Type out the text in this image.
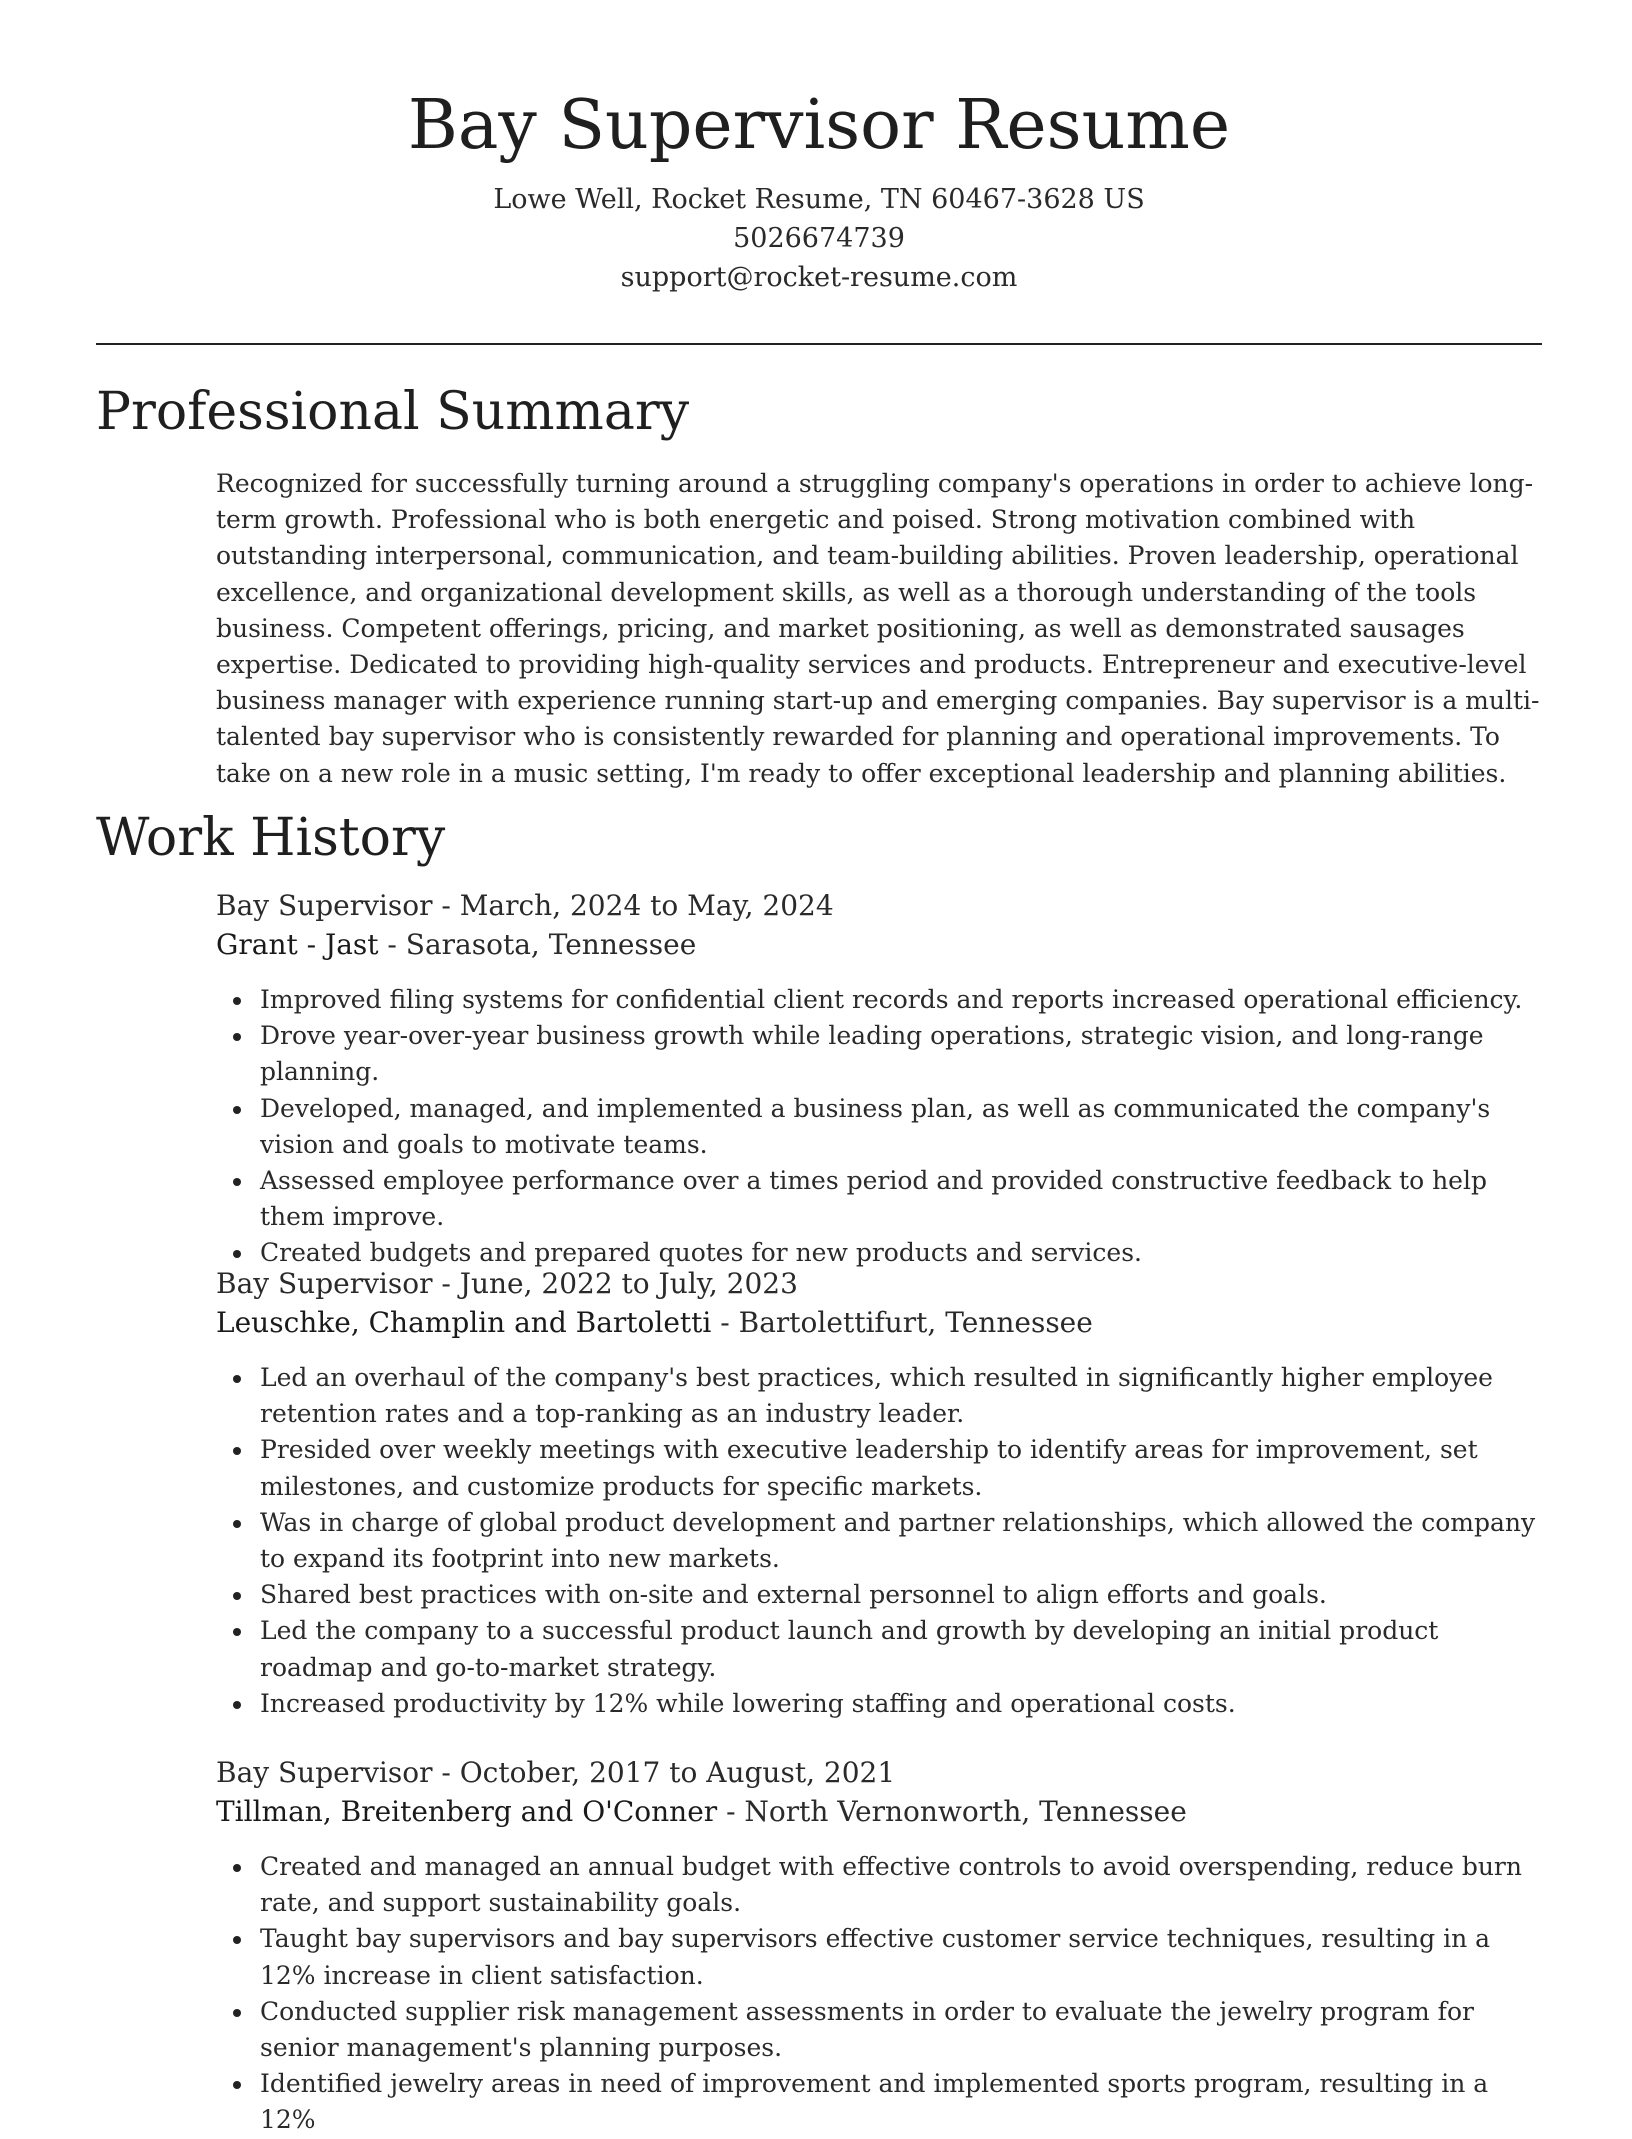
Bay Supervisor Resume
Lowe Well, Rocket Resume, TN 60467-3628 US
5026674739
support@rocket-resume.com
Professional Summary

Recognized for successfully turning around a struggling company's operations in order to achieve long-term growth. Professional who is both energetic and poised. Strong motivation combined with outstanding interpersonal, communication, and team-building abilities. Proven leadership, operational excellence, and organizational development skills, as well as a thorough understanding of the tools business. Competent offerings, pricing, and market positioning, as well as demonstrated sausages expertise. Dedicated to providing high-quality services and products. Entrepreneur and executive-level business manager with experience running start-up and emerging companies. Bay supervisor is a multi-talented bay supervisor who is consistently rewarded for planning and operational improvements. To take on a new role in a music setting, I'm ready to offer exceptional leadership and planning abilities.

Work History
Bay Supervisor - March, 2024 to May, 2024
Grant - Jast - Sarasota, Tennessee
Improved filing systems for confidential client records and reports increased operational efficiency.
Drove year-over-year business growth while leading operations, strategic vision, and long-range planning.
Developed, managed, and implemented a business plan, as well as communicated the company's vision and goals to motivate teams.
Assessed employee performance over a times period and provided constructive feedback to help them improve.
Created budgets and prepared quotes for new products and services.
Bay Supervisor - June, 2022 to July, 2023
Leuschke, Champlin and Bartoletti - Bartolettifurt, Tennessee
Led an overhaul of the company's best practices, which resulted in significantly higher employee retention rates and a top-ranking as an industry leader.
Presided over weekly meetings with executive leadership to identify areas for improvement, set milestones, and customize products for specific markets.
Was in charge of global product development and partner relationships, which allowed the company to expand its footprint into new markets.
Shared best practices with on-site and external personnel to align efforts and goals.
Led the company to a successful product launch and growth by developing an initial product roadmap and go-to-market strategy.
Increased productivity by 12% while lowering staffing and operational costs.
Bay Supervisor - October, 2017 to August, 2021
Tillman, Breitenberg and O'Conner - North Vernonworth, Tennessee
Created and managed an annual budget with effective controls to avoid overspending, reduce burn rate, and support sustainability goals.
Taught bay supervisors and bay supervisors effective customer service techniques, resulting in a 12% increase in client satisfaction.
Conducted supplier risk management assessments in order to evaluate the jewelry program for senior management's planning purposes.
Identified jewelry areas in need of improvement and implemented sports program, resulting in a 12%
